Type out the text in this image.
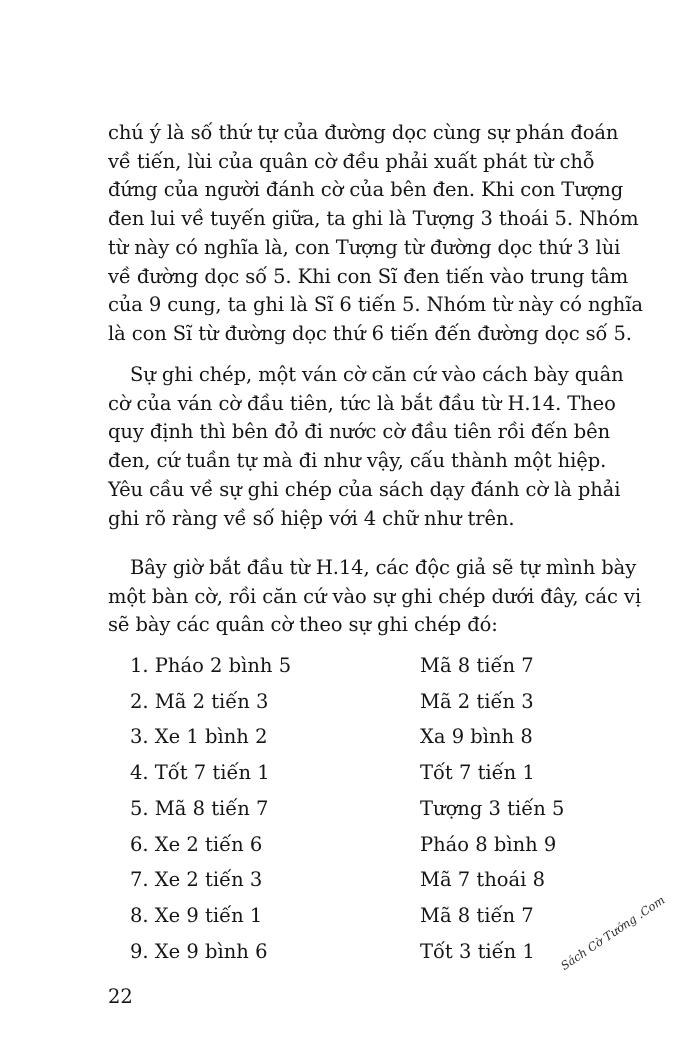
chú ý là số thứ tự của đường dọc cùng sự phán đoán
về tiến, lùi của quân cờ đều phải xuất phát từ chỗ
đứng của người đánh cờ của bên đen. Khi con Tượng
đen lui về tuyến giữa, ta ghi là Tượng 3 thoái 5. Nhóm
từ này có nghĩa là, con Tượng từ đường dọc thứ 3 lùi
về đường dọc số 5. Khi con Sĩ đen tiến vào trung tâm
của 9 cung, ta ghi là Sĩ 6 tiến 5. Nhóm từ này có nghĩa
là con Sĩ từ đường dọc thứ 6 tiến đến đường dọc số 5.

Sự ghi chép, một ván cờ căn cứ vào cách bày quân
cờ của ván cờ đầu tiên, tức là bắt đầu từ H.14. Theo
quy định thì bên đỏ đi nước cờ đầu tiên rồi đến bên
đen, cứ tuần tự mà đi như vậy, cấu thành một hiệp.
Yêu cầu về sự ghi chép của sách dạy đánh cờ là phải
ghi rõ ràng về số hiệp với 4 chữ như trên.

Bây giờ bắt đầu từ H.14, các độc giả sẽ tự mình bày
một bàn cờ, rồi căn cứ vào sự ghi chép dưới đây, các vị
sẽ bày các quân cờ theo sự ghi chép đó:

1. Pháo 2 bình 5	Mã 8 tiến 7
2. Mã 2 tiến 3	Mã 2 tiến 3
3. Xe 1 bình 2	Xa 9 bình 8
4. Tốt 7 tiến 1	Tốt 7 tiến 1
5. Mã 8 tiến 7	Tượng 3 tiến 5
6. Xe 2 tiến 6	Pháo 8 bình 9
7. Xe 2 tiến 3	Mã 7 thoái 8
8. Xe 9 tiến 1	Mã 8 tiến 7
9. Xe 9 bình 6	Tốt 3 tiến 1
22
Sách Cờ Tướng .Com
